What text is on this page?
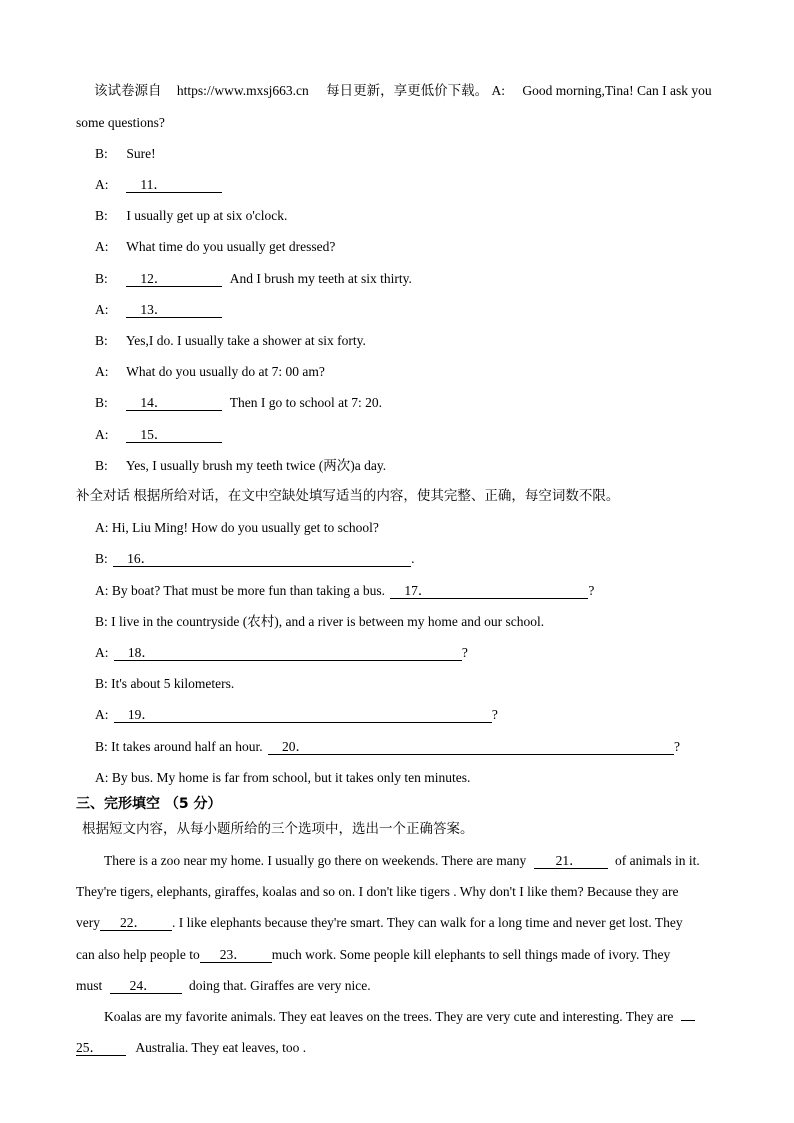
该试卷源自 https://www.mxsj663.cn 每日更新，享更低价下载。 A: Good morning,Tina! Can I ask you
some questions?
B: Sure!
A: 11．
B: I usually get up at six o'clock.
A: What time do you usually get dressed?
B: 12．	And I brush my teeth at six thirty.
A: 13．
B: Yes,I do. I usually take a shower at six forty.
A: What do you usually do at 7: 00 am?
B: 14．	Then I go to school at 7: 20.
A: 15．
B: Yes, I usually brush my teeth twice (两次)a day.
补全对话 根据所给对话，在文中空缺处填写适当的内容，使其完整、正确，每空词数不限。
A: Hi, Liu Ming! How do you usually get to school?
B: 16．	.
A: By boat? That must be more fun than taking a bus. 17．	?
B: I live in the countryside (农村), and a river is between my home and our school.
A: 18．	?
B: It's about 5 kilometers.
A: 19．	?
B: It takes around half an hour. 20．	?
A: By bus. My home is far from school, but it takes only ten minutes.
三、完形填空 （5 分）
根据短文内容，从每小题所给的三个选项中，选出一个正确答案。
There is a zoo near my home. I usually go there on weekends. There are many 21． of animals in it.
They're tigers, elephants, giraffes, koalas and so on. I don't like tigers . Why don't I like them? Because they are
very 22． . I like elephants because they're smart. They can walk for a long time and never get lost. They
can also help people to 23． much work. Some people kill elephants to sell things made of ivory. They
must 24． doing that. Giraffes are very nice.
Koalas are my favorite animals. They eat leaves on the trees. They are very cute and interesting. They are
25． Australia. They eat leaves, too .
